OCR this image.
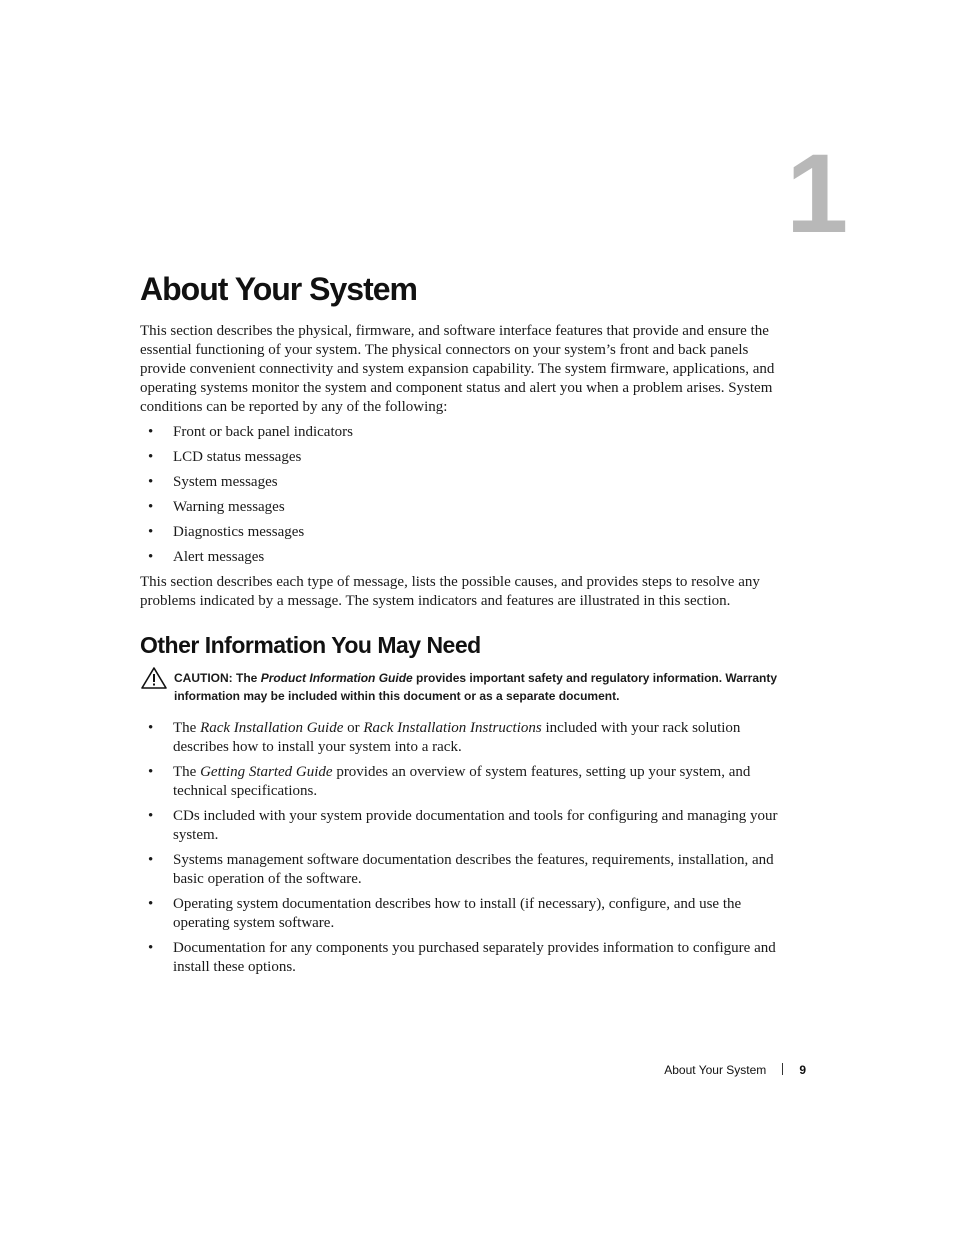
1
About Your System

This section describes the physical, firmware, and software interface features that provide and ensure the essential functioning of your system. The physical connectors on your system’s front and back panels provide convenient connectivity and system expansion capability. The system firmware, applications, and operating systems monitor the system and component status and alert you when a problem arises. System conditions can be reported by any of the following:

• Front or back panel indicators
• LCD status messages
• System messages
• Warning messages
• Diagnostics messages
• Alert messages

This section describes each type of message, lists the possible causes, and provides steps to resolve any problems indicated by a message. The system indicators and features are illustrated in this section.

Other Information You May Need
CAUTION: The Product Information Guide provides important safety and regulatory information. Warranty information may be included within this document or as a separate document.
• The Rack Installation Guide or Rack Installation Instructions included with your rack solution describes how to install your system into a rack.
• The Getting Started Guide provides an overview of system features, setting up your system, and technical specifications.
• CDs included with your system provide documentation and tools for configuring and managing your system.
• Systems management software documentation describes the features, requirements, installation, and basic operation of the software.
• Operating system documentation describes how to install (if necessary), configure, and use the operating system software.
• Documentation for any components you purchased separately provides information to configure and install these options.
About Your System	9
